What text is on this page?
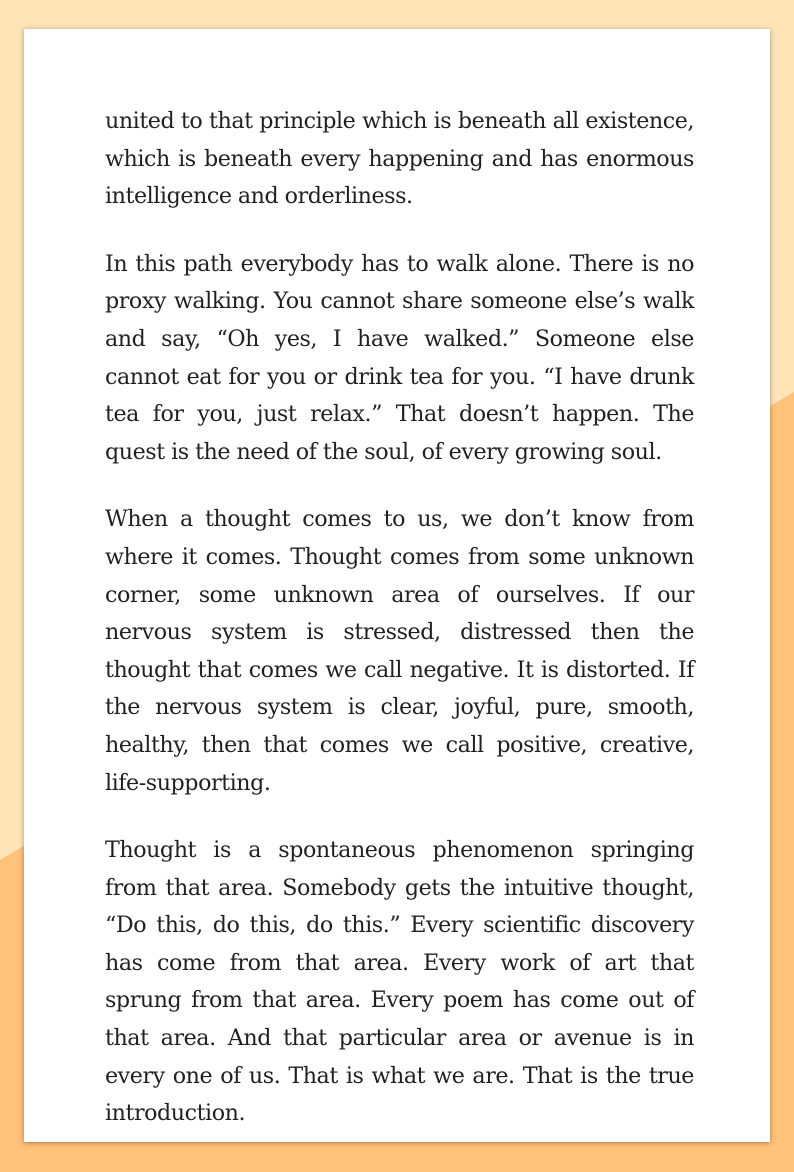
united to that principle which is beneath all existence, which is beneath every happening and has enormous intelligence and orderliness.

In this path everybody has to walk alone. There is no proxy walking. You cannot share someone else’s walk and say, “Oh yes, I have walked.” Someone else cannot eat for you or drink tea for you. “I have drunk tea for you, just relax.” That doesn’t happen. The quest is the need of the soul, of every growing soul.

When a thought comes to us, we don’t know from where it comes. Thought comes from some unknown corner, some unknown area of ourselves. If our nervous system is stressed, distressed then the thought that comes we call negative. It is distorted. If the nervous system is clear, joyful, pure, smooth, healthy, then that comes we call positive, creative, life-supporting.

Thought is a spontaneous phenomenon springing from that area. Somebody gets the intuitive thought, “Do this, do this, do this.” Every scientific discovery has come from that area. Every work of art that sprung from that area. Every poem has come out of that area. And that particular area or avenue is in every one of us. That is what we are. That is the true introduction.
